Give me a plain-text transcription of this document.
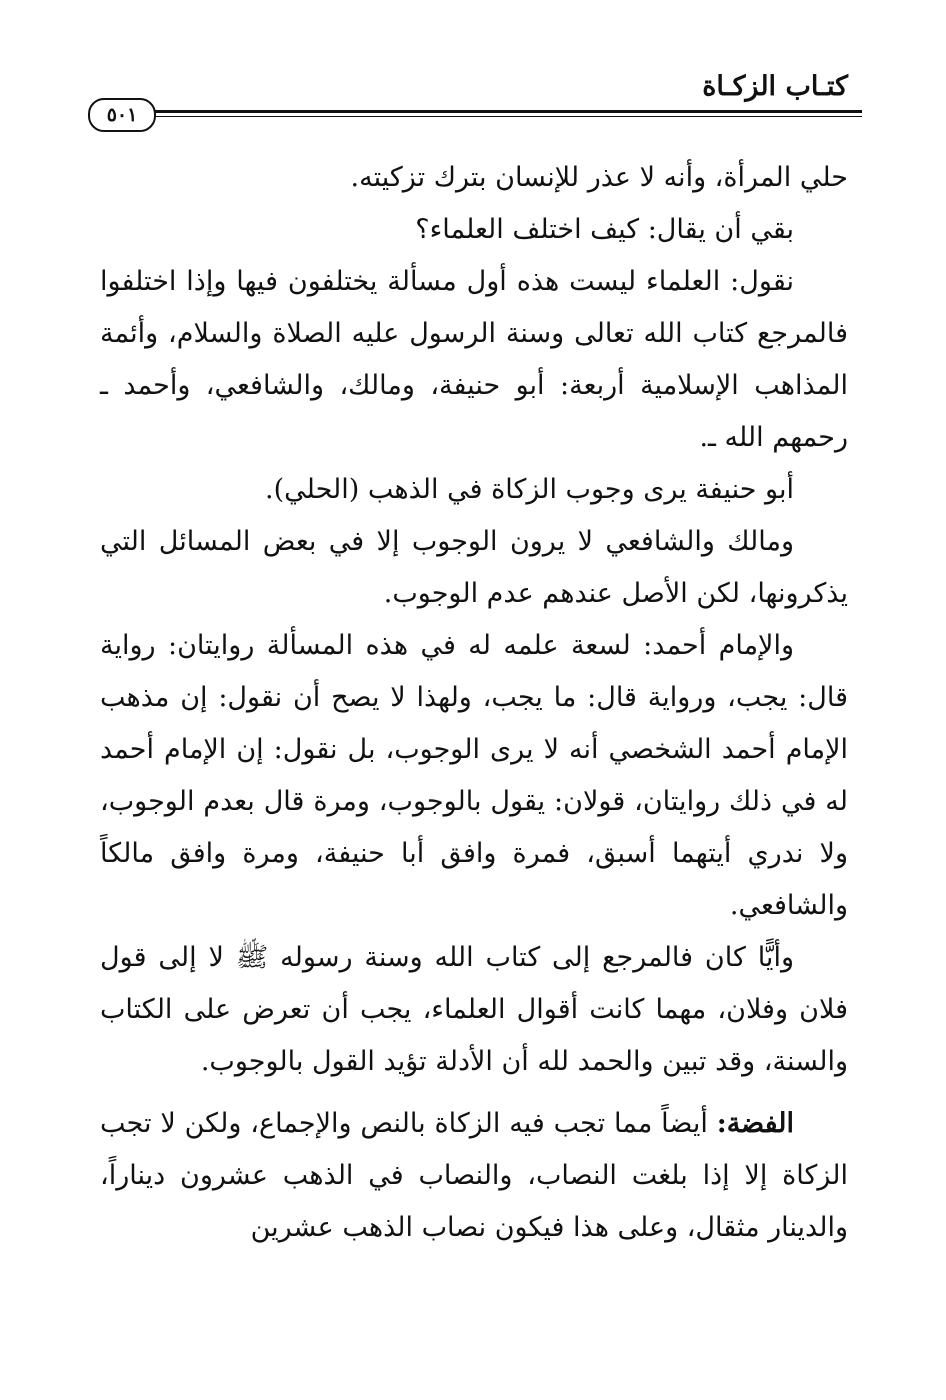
كتـاب الزكـاة
٥٠١

حلي المرأة، وأنه لا عذر للإنسان بترك تزكيته.

بقي أن يقال: كيف اختلف العلماء؟

نقول: العلماء ليست هذه أول مسألة يختلفون فيها وإذا اختلفوا فالمرجع كتاب الله تعالى وسنة الرسول عليه الصلاة والسلام، وأئمة المذاهب الإسلامية أربعة: أبو حنيفة، ومالك، والشافعي، وأحمد ـ رحمهم الله ـ.

أبو حنيفة يرى وجوب الزكاة في الذهب (الحلي).

ومالك والشافعي لا يرون الوجوب إلا في بعض المسائل التي يذكرونها، لكن الأصل عندهم عدم الوجوب.

والإمام أحمد: لسعة علمه له في هذه المسألة روايتان: رواية قال: يجب، ورواية قال: ما يجب، ولهذا لا يصح أن نقول: إن مذهب الإمام أحمد الشخصي أنه لا يرى الوجوب، بل نقول: إن الإمام أحمد له في ذلك روايتان، قولان: يقول بالوجوب، ومرة قال بعدم الوجوب، ولا ندري أيتهما أسبق، فمرة وافق أبا حنيفة، ومرة وافق مالكاً والشافعي.

وأيًّا كان فالمرجع إلى كتاب الله وسنة رسوله ﷺ لا إلى قول فلان وفلان، مهما كانت أقوال العلماء، يجب أن تعرض على الكتاب والسنة، وقد تبين والحمد لله أن الأدلة تؤيد القول بالوجوب.

الفضة: أيضاً مما تجب فيه الزكاة بالنص والإجماع، ولكن لا تجب الزكاة إلا إذا بلغت النصاب، والنصاب في الذهب عشرون ديناراً، والدينار مثقال، وعلى هذا فيكون نصاب الذهب عشرين
